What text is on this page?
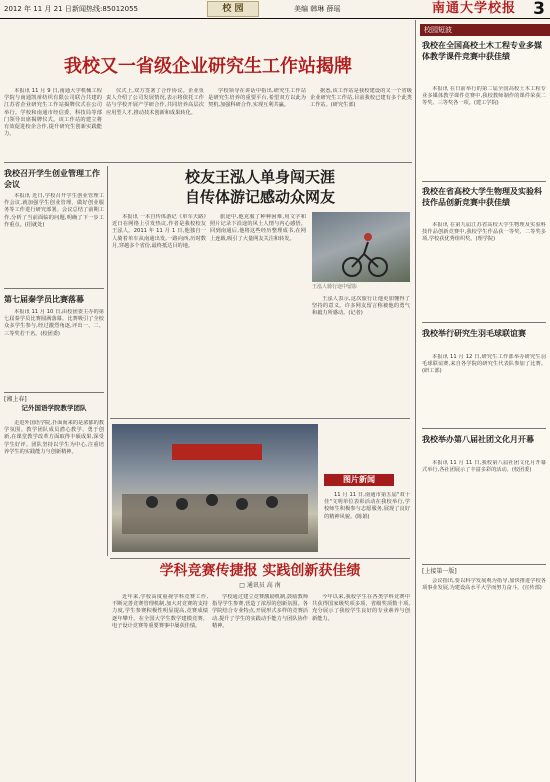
2012 年 11 月 21 日 新闻热线:85012055	美编 韩琳 薛瑶
校 园	南通大学校报 3
我校又一省级企业研究生工作站揭牌

本报讯 11 月 9 日,南通大学机械工程学院与南通凯蒂纺织有限公司联合共建的江苏省企业研究生工作站揭牌仪式在公司举行。学校和南通市经信委、科技局等部门领导出席揭牌仪式。该工作站的建立将有效促进校企合作,提升研究生创新实践能力。

仪式上,双方签署了合作协议。企业负责人介绍了公司发展情况,表示将依托工作站与学校开展产学研合作,共同培养高层次应用型人才,推动技术创新和成果转化。

学校领导在讲话中指出,研究生工作站是研究生培养的重要平台,希望双方以此为契机,加强科研合作,实现互利共赢。

据悉,该工作站是我校建设的又一个省级企业研究生工作站,目前我校已建有多个此类工作站。(研究生部)

我校召开学生创业管理工作会议

本报讯 近日,学校召开学生创业管理工作会议,就加强学生创业管理、做好创业服务等工作进行研究部署。会议总结了前期工作,分析了当前面临的问题,明确了下一步工作重点。(招就处)

第七届秦学员比赛落幕

本报讯 11 月 10 日,由校团委主办的第七届秦学员比赛圆满落幕。比赛吸引了全校众多学生参与,经过激烈角逐,评出一、二、三等奖若干名。(校团委)

[湘上春]
记外国语学院教学团队

走进外国语学院,扑面而来的是浓郁的教学氛围。教学团队成员潜心教学、勇于创新,在课堂教学改革方面取得丰硕成果,深受学生好评。团队坚持以学生为中心,注重培养学生的实践能力与创新精神。

校友王泓人单身闯天涯
自传体游记感动众网友

本报讯 一本自传体游记《单车天路》近日在网络上引发热议,作者是我校校友王泓人。2011 年 11 月 1 日,他独自一人骑着单车从南通出发,一路向西,历时数月,穿越多个省份,最终抵达目的地。

旅途中,他克服了种种困难,用文字和照片记录下沿途的风土人情与内心感悟。回到南通后,他将这些经历整理成书,在网上连载,吸引了大量网友关注和转发。

王泓人骑行途中留影

王泓人表示,这次旅行让他更加懂得了坚持的意义。许多网友留言称被他的勇气和毅力所感动。(记者)

图片新闻

11 月 11 日,南通市第五届"双十佳"文明单位表彰活动在我校举行,学校师生积极参与志愿服务,展现了良好的精神风貌。(陈娟)

学科竞赛传捷报 实践创新获佳绩
□ 通讯员 高 南

近年来,学校高度重视学科竞赛工作,不断完善竞赛管理机制,加大对竞赛的支持力度,学生参赛积极性明显提高,竞赛成绩逐年攀升。在全国大学生数学建模竞赛、电子设计竞赛等重要赛事中屡获佳绩。

学校通过建立竞赛激励机制,鼓励教师指导学生参赛,营造了浓厚的创新氛围。各学院结合专业特点,开展形式多样的竞赛活动,提升了学生的实践动手能力与团队协作精神。

今年以来,我校学生在各类学科竞赛中共获得国家级奖项多项、省级奖项数十项,充分展示了我校学生良好的专业素养与创新能力。

校园短波
我校在全国高校土木工程专业多媒体教学课件竞赛中获佳绩

本报讯 在日前举行的第二届全国高校土木工程专业多媒体教学课件竞赛中,我校教师制作的课件荣获二等奖、三等奖各一项。(建工学院)

我校在省高校大学生物理及实验科技作品创新竞赛中获佳绩

本报讯 在第九届江苏省高校大学生物理及实验科技作品创新竞赛中,我校学生作品获一等奖、二等奖多项,学校获优秀组织奖。(理学院)

我校举行研究生羽毛球联谊赛

本报讯 11 月 12 日,研究生工作部举办研究生羽毛球联谊赛,来自各学院的研究生代表队参加了比赛。(研工部)

我校举办第八届社团文化月开幕

本报讯 11 月 11 日,我校第八届社团文化月开幕式举行,各社团展示了丰富多彩的活动。(校团委)

[上接第一版]

会议指出,要以科学发展观为指导,加快推进学校各项事业发展,为建设高水平大学而努力奋斗。(宣传部)
